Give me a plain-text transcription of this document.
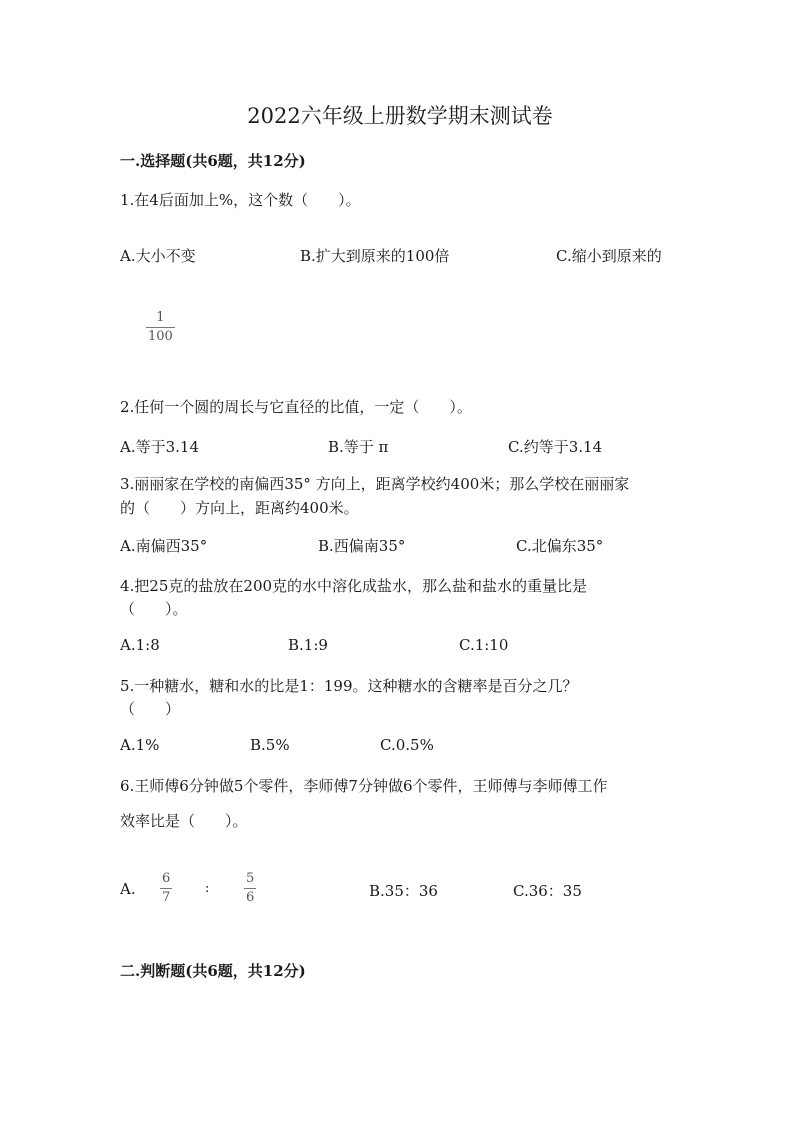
2022六年级上册数学期末测试卷
一.选择题(共6题，共12分)
1.在4后面加上%，这个数（　　）。
A.大小不变	B.扩大到原来的100倍	C.缩小到原来的
1
100
2.任何一个圆的周长与它直径的比值，一定（　　）。
A.等于3.14	B.等于 π	C.约等于3.14
3.丽丽家在学校的南偏西35° 方向上，距离学校约400米；那么学校在丽丽家
的（　　）方向上，距离约400米。
A.南偏西35°	B.西偏南35°	C.北偏东35°
4.把25克的盐放在200克的水中溶化成盐水，那么盐和盐水的重量比是
（　　）。
A.1:8	B.1:9	C.1:10
5.一种糖水，糖和水的比是1：199。这种糖水的含糖率是百分之几？
（　　）
A.1%	B.5%	C.0.5%
6.王师傅6分钟做5个零件，李师傅7分钟做6个零件，王师傅与李师傅工作
效率比是（　　）。
A.
6
7
:
5
6	B.35：36	C.36：35
二.判断题(共6题，共12分)
